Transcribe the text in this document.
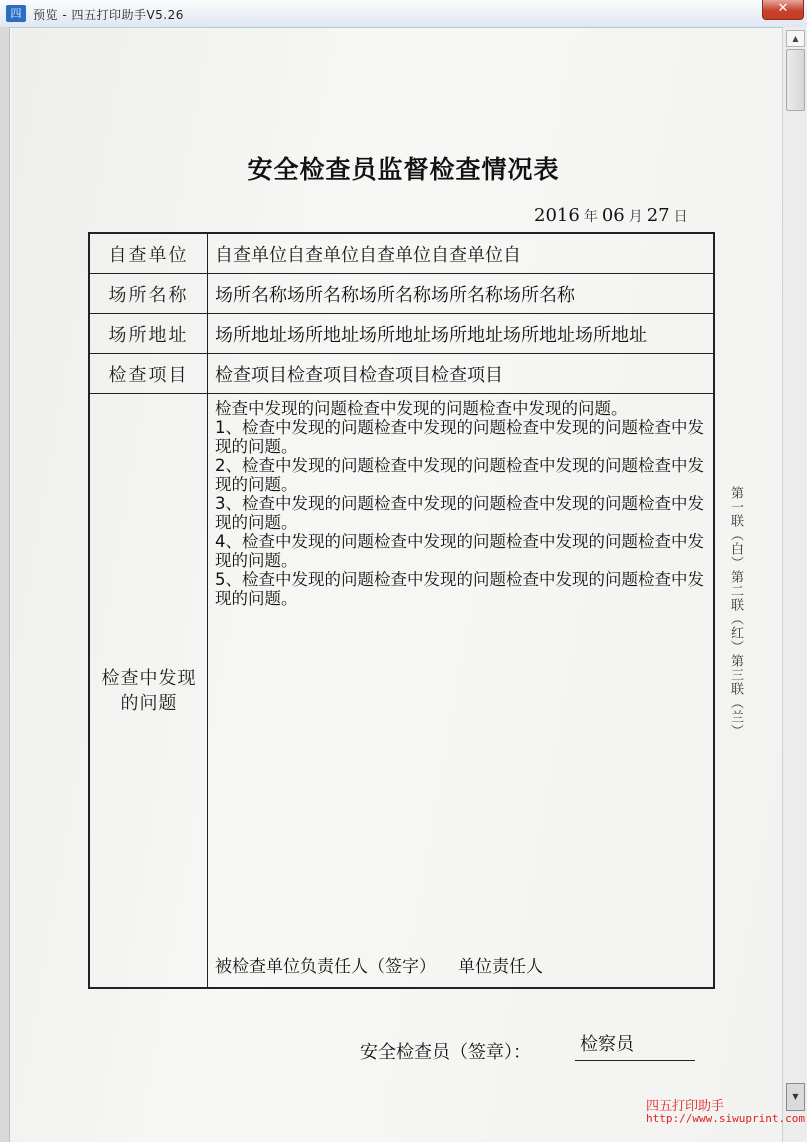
四 预览 - 四五打印助手V5.26	✕
▲
▼
安全检查员监督检查情况表
2016 年 06 月 27 日
自查单位	自查单位自查单位自查单位自查单位自
场所名称	场所名称场所名称场所名称场所名称场所名称
场所地址	场所地址场所地址场所地址场所地址场所地址场所地址
检查项目	检查项目检查项目检查项目检查项目
检查中发现
的问题

检查中发现的问题检查中发现的问题检查中发现的问题。

1、检查中发现的问题检查中发现的问题检查中发现的问题检查中发现的问题。

2、检查中发现的问题检查中发现的问题检查中发现的问题检查中发现的问题。

3、检查中发现的问题检查中发现的问题检查中发现的问题检查中发现的问题。

4、检查中发现的问题检查中发现的问题检查中发现的问题检查中发现的问题。

5、检查中发现的问题检查中发现的问题检查中发现的问题检查中发现的问题。

被检查单位负责任人（签字） 单位责任人
第一联（白）第二联（红）第三联（兰）
安全检查员（签章）：	检察员
四五打印助手
http://www.siwuprint.com
